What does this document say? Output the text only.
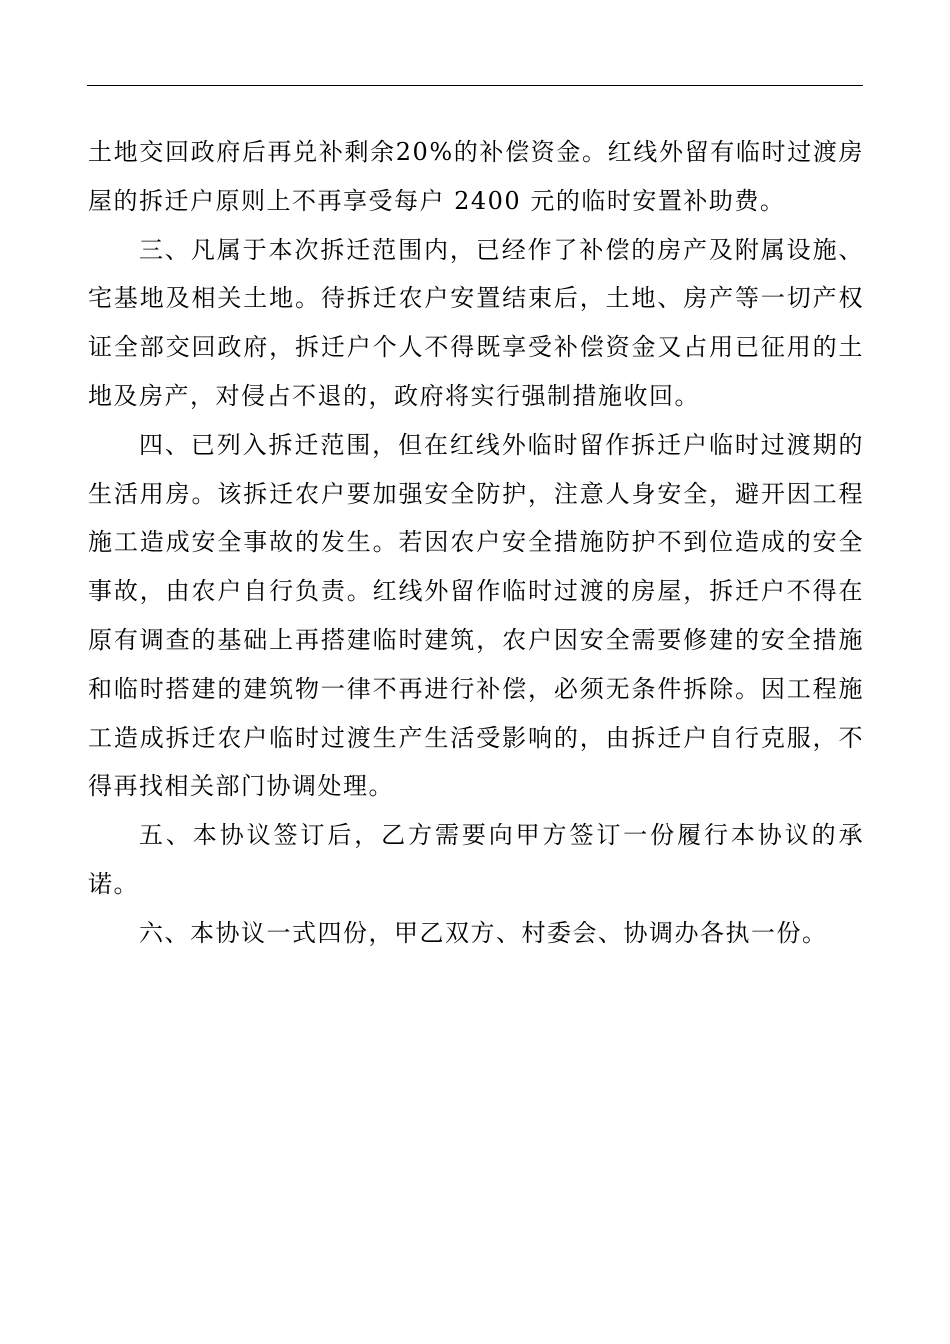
土地交回政府后再兑补剩余20%的补偿资金。红线外留有临时过渡房屋的拆迁户原则上不再享受每户 2400 元的临时安置补助费。

三、凡属于本次拆迁范围内，已经作了补偿的房产及附属设施、宅基地及相关土地。待拆迁农户安置结束后，土地、房产等一切产权证全部交回政府，拆迁户个人不得既享受补偿资金又占用已征用的土地及房产，对侵占不退的，政府将实行强制措施收回。

四、已列入拆迁范围，但在红线外临时留作拆迁户临时过渡期的生活用房。该拆迁农户要加强安全防护，注意人身安全，避开因工程施工造成安全事故的发生。若因农户安全措施防护不到位造成的安全事故，由农户自行负责。红线外留作临时过渡的房屋，拆迁户不得在原有调查的基础上再搭建临时建筑，农户因安全需要修建的安全措施和临时搭建的建筑物一律不再进行补偿，必须无条件拆除。因工程施工造成拆迁农户临时过渡生产生活受影响的，由拆迁户自行克服，不得再找相关部门协调处理。

五、本协议签订后，乙方需要向甲方签订一份履行本协议的承诺。

六、本协议一式四份，甲乙双方、村委会、协调办各执一份。
